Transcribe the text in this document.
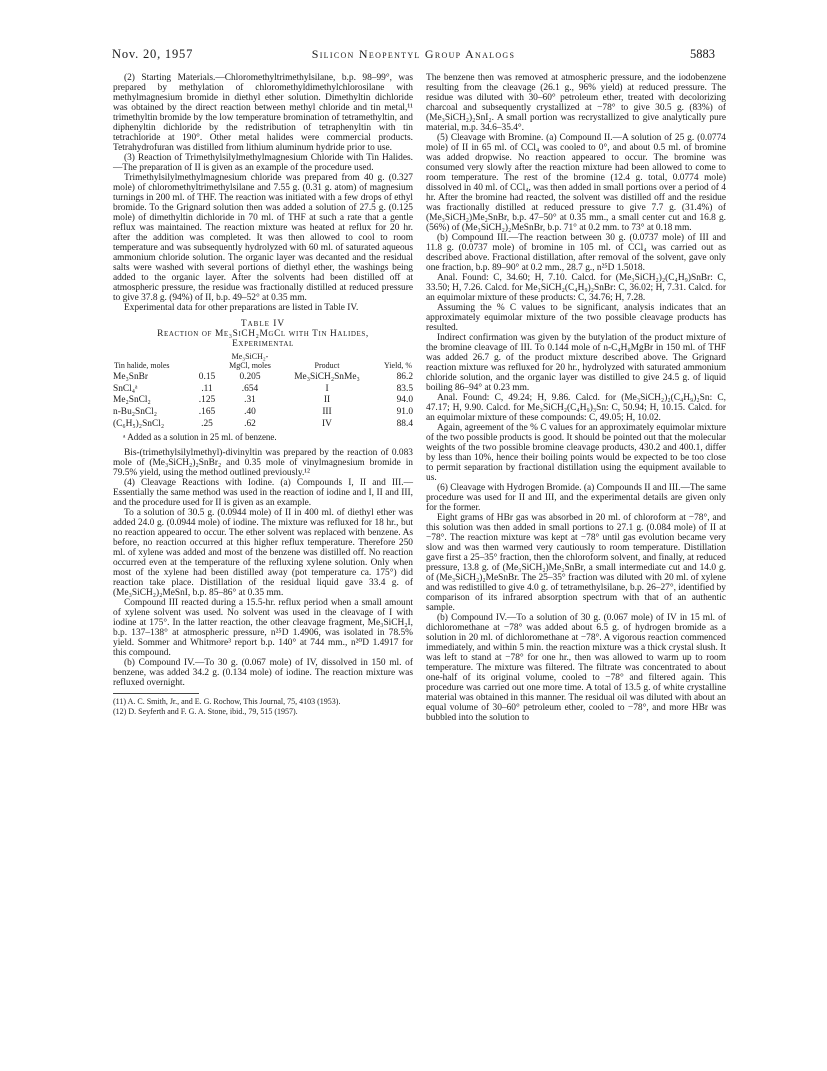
Nov. 20, 1957	Silicon Neopentyl Group Analogs	5883

(2) Starting Materials.—Chloromethyltrimethylsilane, b.p. 98–99°, was prepared by methylation of chloromethyldimethylchlorosilane with methylmagnesium bromide in diethyl ether solution. Dimethyltin dichloride was obtained by the direct reaction between methyl chloride and tin metal,¹¹ trimethyltin bromide by the low temperature bromination of tetramethyltin, and diphenyltin dichloride by the redistribution of tetraphenyltin with tin tetrachloride at 190°. Other metal halides were commercial products. Tetrahydrofuran was distilled from lithium aluminum hydride prior to use.

(3) Reaction of Trimethylsilylmethylmagnesium Chloride with Tin Halides.—The preparation of II is given as an example of the procedure used.

Trimethylsilylmethylmagnesium chloride was prepared from 40 g. (0.327 mole) of chloromethyltrimethylsilane and 7.55 g. (0.31 g. atom) of magnesium turnings in 200 ml. of THF. The reaction was initiated with a few drops of ethyl bromide. To the Grignard solution then was added a solution of 27.5 g. (0.125 mole) of dimethyltin dichloride in 70 ml. of THF at such a rate that a gentle reflux was maintained. The reaction mixture was heated at reflux for 20 hr. after the addition was completed. It was then allowed to cool to room temperature and was subsequently hydrolyzed with 60 ml. of saturated aqueous ammonium chloride solution. The organic layer was decanted and the residual salts were washed with several portions of diethyl ether, the washings being added to the organic layer. After the solvents had been distilled off at atmospheric pressure, the residue was fractionally distilled at reduced pressure to give 37.8 g. (94%) of II, b.p. 49–52° at 0.35 mm.

Experimental data for other preparations are listed in Table IV.

Table IV
Reaction of Me₃SiCH₂MgCl with Tin Halides,
Experimental
Tin halide, moles		Me₃SiCH₂-MgCl, moles	Product	Yield, %
Me₃SnBr	0.15	0.205	Me₃SiCH₂SnMe₃	86.2
SnCl₄ᵃ	.11	.654	I	83.5
Me₂SnCl₂	.125	.31	II	94.0
n-Bu₂SnCl₂	.165	.40	III	91.0
(C₆H₅)₂SnCl₂	.25	.62	IV	88.4
ᵃ Added as a solution in 25 ml. of benzene.

Bis-(trimethylsilylmethyl)-divinyltin was prepared by the reaction of 0.083 mole of (Me₃SiCH₂)₂SnBr₂ and 0.35 mole of vinylmagnesium bromide in 79.5% yield, using the method outlined previously.¹²

(4) Cleavage Reactions with Iodine. (a) Compounds I, II and III.—Essentially the same method was used in the reaction of iodine and I, II and III, and the procedure used for II is given as an example.

To a solution of 30.5 g. (0.0944 mole) of II in 400 ml. of diethyl ether was added 24.0 g. (0.0944 mole) of iodine. The mixture was refluxed for 18 hr., but no reaction appeared to occur. The ether solvent was replaced with benzene. As before, no reaction occurred at this higher reflux temperature. Therefore 250 ml. of xylene was added and most of the benzene was distilled off. No reaction occurred even at the temperature of the refluxing xylene solution. Only when most of the xylene had been distilled away (pot temperature ca. 175°) did reaction take place. Distillation of the residual liquid gave 33.4 g. of (Me₃SiCH₂)₂MeSnI, b.p. 85–86° at 0.35 mm.

Compound III reacted during a 15.5-hr. reflux period when a small amount of xylene solvent was used. No solvent was used in the cleavage of I with iodine at 175°. In the latter reaction, the other cleavage fragment, Me₃SiCH₂I, b.p. 137–138° at atmospheric pressure, n²⁵D 1.4906, was isolated in 78.5% yield. Sommer and Whitmore³ report b.p. 140° at 744 mm., n²⁰D 1.4917 for this compound.

(b) Compound IV.—To 30 g. (0.067 mole) of IV, dissolved in 150 ml. of benzene, was added 34.2 g. (0.134 mole) of iodine. The reaction mixture was refluxed overnight.

(11) A. C. Smith, Jr., and E. G. Rochow, This Journal, 75, 4103 (1953).

(12) D. Seyferth and F. G. A. Stone, ibid., 79, 515 (1957).

The benzene then was removed at atmospheric pressure, and the iodobenzene resulting from the cleavage (26.1 g., 96% yield) at reduced pressure. The residue was diluted with 30–60° petroleum ether, treated with decolorizing charcoal and subsequently crystallized at −78° to give 30.5 g. (83%) of (Me₃SiCH₂)₂SnI₂. A small portion was recrystallized to give analytically pure material, m.p. 34.6–35.4°.

(5) Cleavage with Bromine. (a) Compound II.—A solution of 25 g. (0.0774 mole) of II in 65 ml. of CCl₄ was cooled to 0°, and about 0.5 ml. of bromine was added dropwise. No reaction appeared to occur. The bromine was consumed very slowly after the reaction mixture had been allowed to come to room temperature. The rest of the bromine (12.4 g. total, 0.0774 mole) dissolved in 40 ml. of CCl₄, was then added in small portions over a period of 4 hr. After the bromine had reacted, the solvent was distilled off and the residue was fractionally distilled at reduced pressure to give 7.7 g. (31.4%) of (Me₃SiCH₂)Me₂SnBr, b.p. 47–50° at 0.35 mm., a small center cut and 16.8 g. (56%) of (Me₃SiCH₂)₂MeSnBr, b.p. 71° at 0.2 mm. to 73° at 0.18 mm.

(b) Compound III.—The reaction between 30 g. (0.0737 mole) of III and 11.8 g. (0.0737 mole) of bromine in 105 ml. of CCl₄ was carried out as described above. Fractional distillation, after removal of the solvent, gave only one fraction, b.p. 89–90° at 0.2 mm., 28.7 g., n²⁵D 1.5018.

Anal. Found: C, 34.60; H, 7.10. Calcd. for (Me₃SiCH₂)₂(C₄H₉)SnBr: C, 33.50; H, 7.26. Calcd. for Me₃SiCH₂(C₄H₉)₂SnBr: C, 36.02; H, 7.31. Calcd. for an equimolar mixture of these products: C, 34.76; H, 7.28.

Assuming the % C values to be significant, analysis indicates that an approximately equimolar mixture of the two possible cleavage products has resulted.

Indirect confirmation was given by the butylation of the product mixture of the bromine cleavage of III. To 0.144 mole of n-C₄H₉MgBr in 150 ml. of THF was added 26.7 g. of the product mixture described above. The Grignard reaction mixture was refluxed for 20 hr., hydrolyzed with saturated ammonium chloride solution, and the organic layer was distilled to give 24.5 g. of liquid boiling 86–94° at 0.23 mm.

Anal. Found: C, 49.24; H, 9.86. Calcd. for (Me₃SiCH₂)₂(C₄H₉)₂Sn: C, 47.17; H, 9.90. Calcd. for Me₃SiCH₂(C₄H₉)₃Sn: C, 50.94; H, 10.15. Calcd. for an equimolar mixture of these compounds: C, 49.05; H, 10.02.

Again, agreement of the % C values for an approximately equimolar mixture of the two possible products is good. It should be pointed out that the molecular weights of the two possible bromine cleavage products, 430.2 and 400.1, differ by less than 10%, hence their boiling points would be expected to be too close to permit separation by fractional distillation using the equipment available to us.

(6) Cleavage with Hydrogen Bromide. (a) Compounds II and III.—The same procedure was used for II and III, and the experimental details are given only for the former.

Eight grams of HBr gas was absorbed in 20 ml. of chloroform at −78°, and this solution was then added in small portions to 27.1 g. (0.084 mole) of II at −78°. The reaction mixture was kept at −78° until gas evolution became very slow and was then warmed very cautiously to room temperature. Distillation gave first a 25–35° fraction, then the chloroform solvent, and finally, at reduced pressure, 13.8 g. of (Me₃SiCH₂)Me₂SnBr, a small intermediate cut and 14.0 g. of (Me₃SiCH₂)₂MeSnBr. The 25–35° fraction was diluted with 20 ml. of xylene and was redistilled to give 4.0 g. of tetramethylsilane, b.p. 26–27°, identified by comparison of its infrared absorption spectrum with that of an authentic sample.

(b) Compound IV.—To a solution of 30 g. (0.067 mole) of IV in 15 ml. of dichloromethane at −78° was added about 6.5 g. of hydrogen bromide as a solution in 20 ml. of dichloromethane at −78°. A vigorous reaction commenced immediately, and within 5 min. the reaction mixture was a thick crystal slush. It was left to stand at −78° for one hr., then was allowed to warm up to room temperature. The mixture was filtered. The filtrate was concentrated to about one-half of its original volume, cooled to −78° and filtered again. This procedure was carried out one more time. A total of 13.5 g. of white crystalline material was obtained in this manner. The residual oil was diluted with about an equal volume of 30–60° petroleum ether, cooled to −78°, and more HBr was bubbled into the solution to
